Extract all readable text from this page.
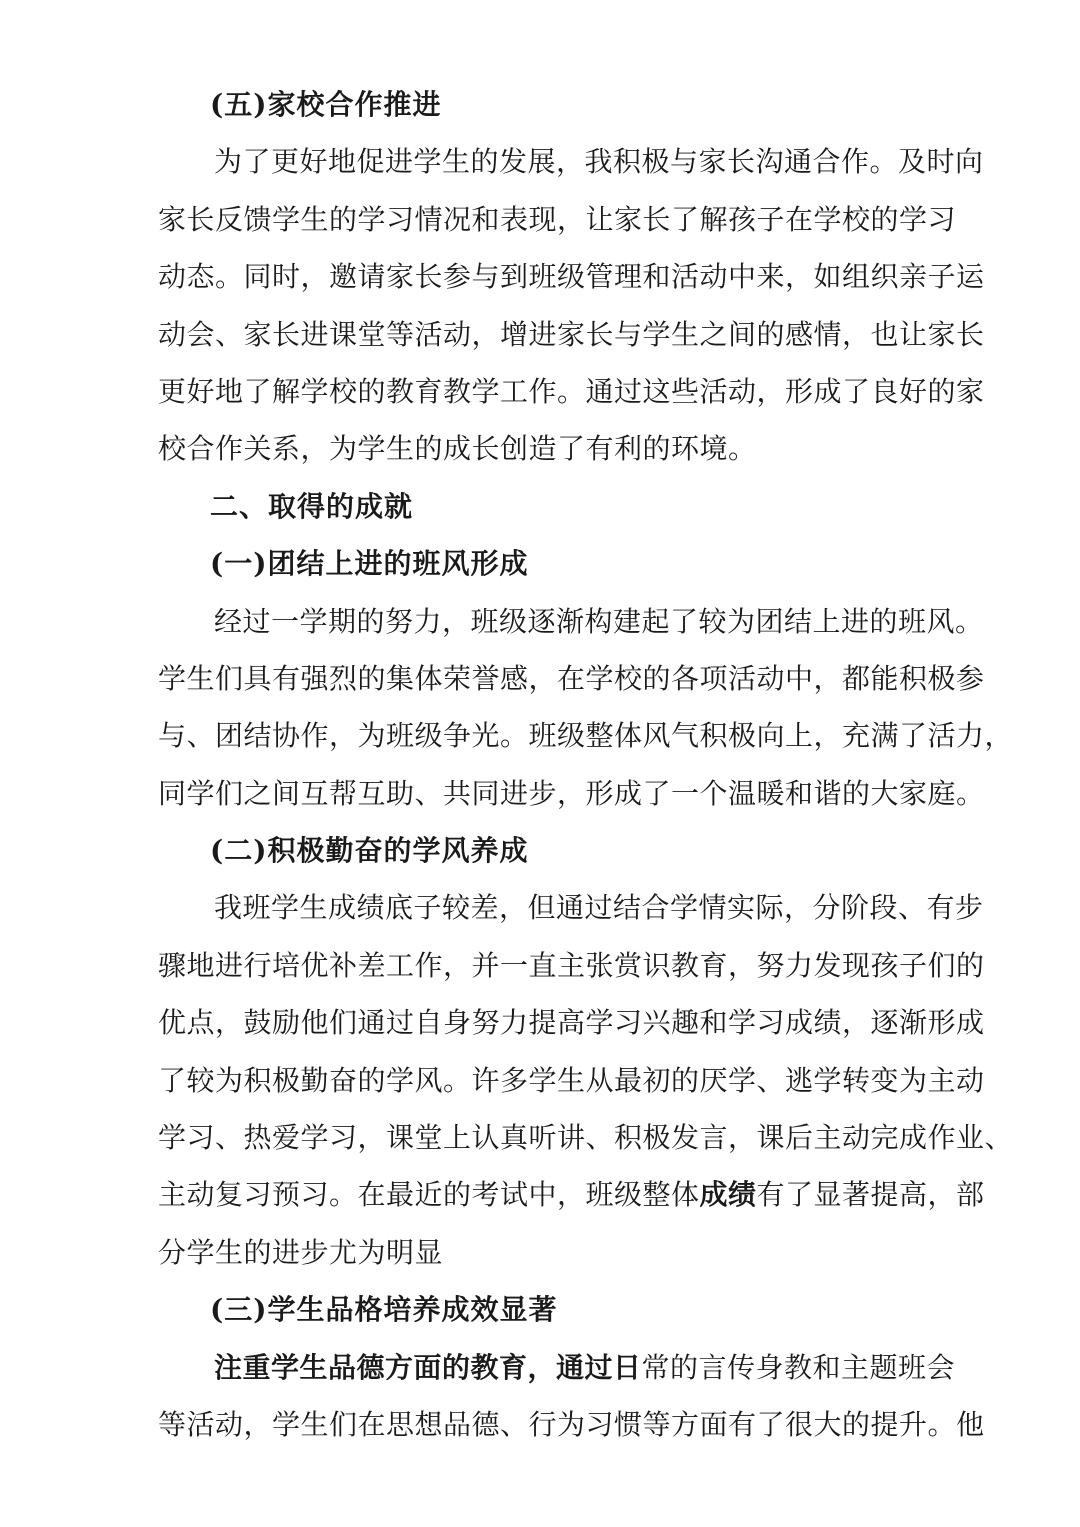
(五)家校合作推进
为了更好地促进学生的发展，我积极与家长沟通合作。及时向
家长反馈学生的学习情况和表现，让家长了解孩子在学校的学习
动态。同时，邀请家长参与到班级管理和活动中来，如组织亲子运
动会、家长进课堂等活动，增进家长与学生之间的感情，也让家长
更好地了解学校的教育教学工作。通过这些活动，形成了良好的家
校合作关系，为学生的成长创造了有利的环境。
二、取得的成就
(一)团结上进的班风形成
经过一学期的努力，班级逐渐构建起了较为团结上进的班风。
学生们具有强烈的集体荣誉感，在学校的各项活动中，都能积极参
与、团结协作，为班级争光。班级整体风气积极向上，充满了活力，
同学们之间互帮互助、共同进步，形成了一个温暖和谐的大家庭。
(二)积极勤奋的学风养成
我班学生成绩底子较差，但通过结合学情实际，分阶段、有步
骤地进行培优补差工作，并一直主张赏识教育，努力发现孩子们的
优点，鼓励他们通过自身努力提高学习兴趣和学习成绩，逐渐形成
了较为积极勤奋的学风。许多学生从最初的厌学、逃学转变为主动
学习、热爱学习，课堂上认真听讲、积极发言，课后主动完成作业、
主动复习预习。在最近的考试中，班级整体成绩有了显著提高，部
分学生的进步尤为明显
(三)学生品格培养成效显著
注重学生品德方面的教育，通过日常的言传身教和主题班会
等活动，学生们在思想品德、行为习惯等方面有了很大的提升。他
